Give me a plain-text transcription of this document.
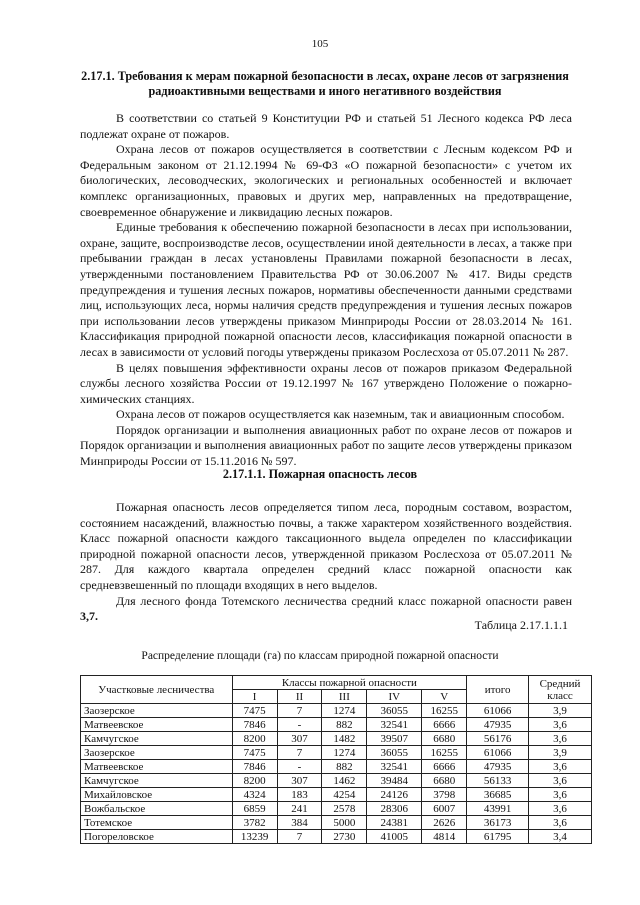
105
2.17.1. Требования к мерам пожарной безопасности в лесах, охране лесов от загрязнения радиоактивными веществами и иного негативного воздействия

В соответствии со статьей 9 Конституции РФ и статьей 51 Лесного кодекса РФ леса подлежат охране от пожаров.

Охрана лесов от пожаров осуществляется в соответствии с Лесным кодексом РФ и Федеральным законом от 21.12.1994 № 69-ФЗ «О пожарной безопасности» с учетом их биологических, лесоводческих, экологических и региональных особенностей и включает комплекс организационных, правовых и других мер, направленных на предотвращение, своевременное обнаружение и ликвидацию лесных пожаров.

Единые требования к обеспечению пожарной безопасности в лесах при использовании, охране, защите, воспроизводстве лесов, осуществлении иной деятельности в лесах, а также при пребывании граждан в лесах установлены Правилами пожарной безопасности в лесах, утвержденными постановлением Правительства РФ от 30.06.2007 № 417. Виды средств предупреждения и тушения лесных пожаров, нормативы обеспеченности данными средствами лиц, использующих леса, нормы наличия средств предупреждения и тушения лесных пожаров при использовании лесов утверждены приказом Минприроды России от 28.03.2014 № 161. Классификация природной пожарной опасности лесов, классификация пожарной опасности в лесах в зависимости от условий погоды утверждены приказом Рослесхоза от 05.07.2011 № 287.

В целях повышения эффективности охраны лесов от пожаров приказом Федеральной службы лесного хозяйства России от 19.12.1997 № 167 утверждено Положение о пожарно-химических станциях.

Охрана лесов от пожаров осуществляется как наземным, так и авиационным способом.

Порядок организации и выполнения авиационных работ по охране лесов от пожаров и Порядок организации и выполнения авиационных работ по защите лесов утверждены приказом Минприроды России от 15.11.2016 № 597.

2.17.1.1. Пожарная опасность лесов

Пожарная опасность лесов определяется типом леса, породным составом, возрастом, состоянием насаждений, влажностью почвы, а также характером хозяйственного воздействия. Класс пожарной опасности каждого таксационного выдела определен по классификации природной пожарной опасности лесов, утвержденной приказом Рослесхоза от 05.07.2011 № 287. Для каждого квартала определен средний класс пожарной опасности как средневзвешенный по площади входящих в него выделов.

Для лесного фонда Тотемского лесничества средний класс пожарной опасности равен 3,7.

Таблица 2.17.1.1.1
Распределение площади (га) по классам природной пожарной опасности
Участковые лесничества	Классы пожарной опасности					итого	Средний класс
	I	II	III	IV	V		
Заозерское	7475	7	1274	36055	16255	61066	3,9
Матвеевское	7846	-	882	32541	6666	47935	3,6
Камчугское	8200	307	1482	39507	6680	56176	3,6
Заозерское	7475	7	1274	36055	16255	61066	3,9
Матвеевское	7846	-	882	32541	6666	47935	3,6
Камчугское	8200	307	1462	39484	6680	56133	3,6
Михайловское	4324	183	4254	24126	3798	36685	3,6
Вожбальское	6859	241	2578	28306	6007	43991	3,6
Тотемское	3782	384	5000	24381	2626	36173	3,6
Погореловское	13239	7	2730	41005	4814	61795	3,4
